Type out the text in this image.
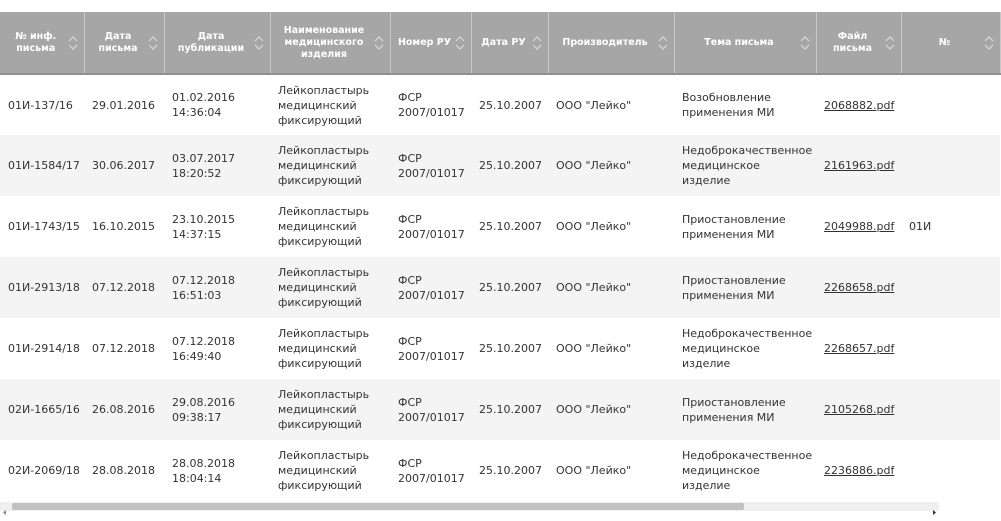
№ инф. письма	Дата письма	Дата публикации	Наименование медицинского изделия	Номер РУ	Дата РУ	Производитель	Тема письма	Файл письма	№

01И-137/16	29.01.2016	01.02.2016 14:36:04	Лейкопластырь медицинский фиксирующий	ФСР 2007/01017	25.10.2007	ООО "Лейко"	Возобновление применения МИ	2068882.pdf	
01И-1584/17	30.06.2017	03.07.2017 18:20:52	Лейкопластырь медицинский фиксирующий	ФСР 2007/01017	25.10.2007	ООО "Лейко"	Недоброкачественное медицинское изделие	2161963.pdf	
01И-1743/15	16.10.2015	23.10.2015 14:37:15	Лейкопластырь медицинский фиксирующий	ФСР 2007/01017	25.10.2007	ООО "Лейко"	Приостановление применения МИ	2049988.pdf	01И
01И-2913/18	07.12.2018	07.12.2018 16:51:03	Лейкопластырь медицинский фиксирующий	ФСР 2007/01017	25.10.2007	ООО "Лейко"	Приостановление применения МИ	2268658.pdf	
01И-2914/18	07.12.2018	07.12.2018 16:49:40	Лейкопластырь медицинский фиксирующий	ФСР 2007/01017	25.10.2007	ООО "Лейко"	Недоброкачественное медицинское изделие	2268657.pdf	
02И-1665/16	26.08.2016	29.08.2016 09:38:17	Лейкопластырь медицинский фиксирующий	ФСР 2007/01017	25.10.2007	ООО "Лейко"	Приостановление применения МИ	2105268.pdf	
02И-2069/18	28.08.2018	28.08.2018 18:04:14	Лейкопластырь медицинский фиксирующий	ФСР 2007/01017	25.10.2007	ООО "Лейко"	Недоброкачественное медицинское изделие	2236886.pdf	
